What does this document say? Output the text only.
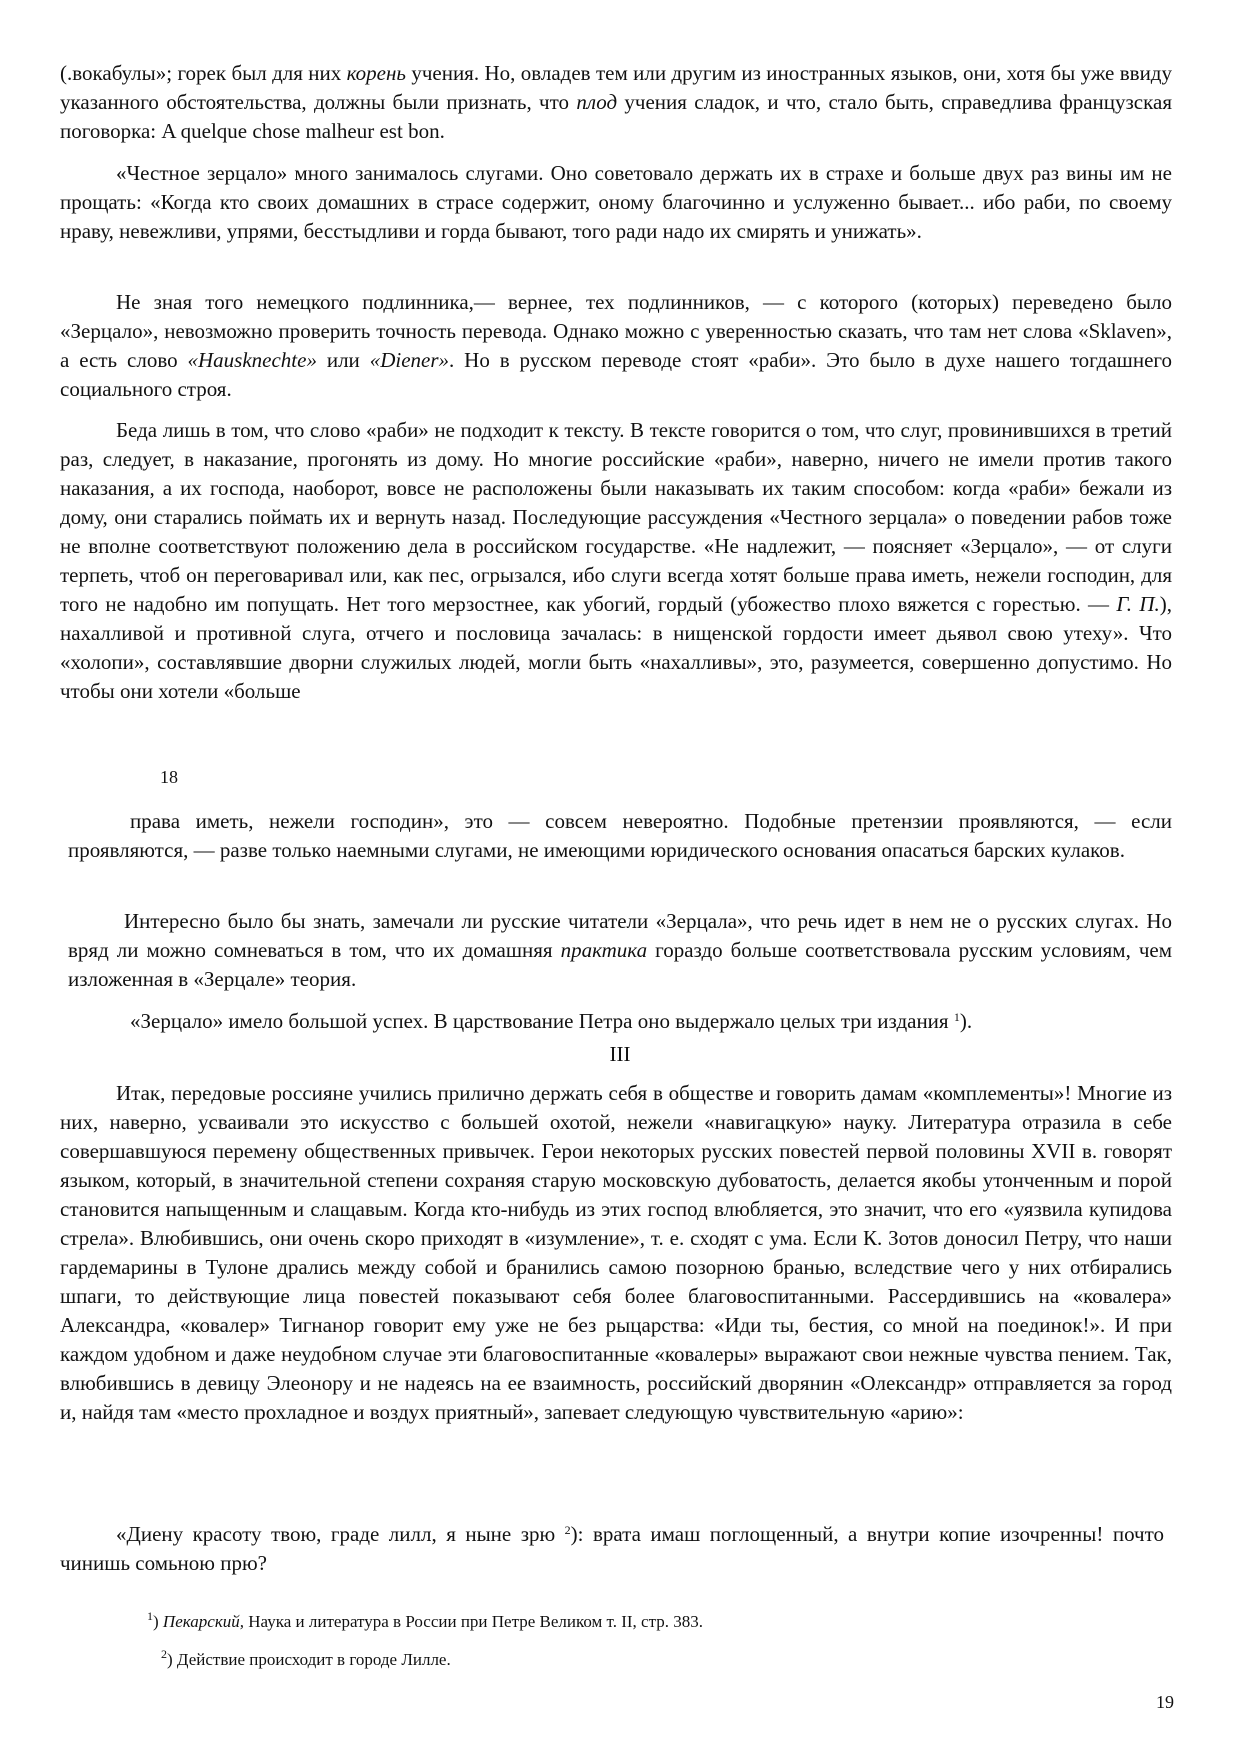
(.вокабулы»; горек был для них корень учения. Но, овладев тем или другим из иностранных языков, они, хотя бы уже ввиду указанного обстоятельства, должны были признать, что плод учения сладок, и что, стало быть, справедлива французская поговорка: A quelque chose malheur est bon.

«Честное зерцало» много занималось слугами. Оно советовало держать их в страхе и больше двух раз вины им не прощать: «Когда кто своих домашних в страсе содержит, оному благочинно и услуженно бывает... ибо раби, по своему нраву, невежливи, упрями, бесстыдливи и горда бывают, того ради надо их смирять и унижать».

Не зная того немецкого подлинника,— вернее, тех подлинников, — с которого (которых) переведено было «Зерцало», невозможно проверить точность перевода. Однако можно с уверенностью сказать, что там нет слова «Sklaven», а есть слово «Hausknechte» или «Diener». Но в русском переводе стоят «раби». Это было в духе нашего тогдашнего социального строя.

Беда лишь в том, что слово «раби» не подходит к тексту. В тексте говорится о том, что слуг, провинившихся в третий раз, следует, в наказание, прогонять из дому. Но многие российские «раби», наверно, ничего не имели против такого наказания, а их господа, наоборот, вовсе не расположены были наказывать их таким способом: когда «раби» бежали из дому, они старались поймать их и вернуть назад. Последующие рассуждения «Честного зерцала» о поведении рабов тоже не вполне соответствуют положению дела в российском государстве. «Не надлежит, — поясняет «Зерцало», — от слуги терпеть, чтоб он переговаривал или, как пес, огрызался, ибо слуги всегда хотят больше права иметь, нежели господин, для того не надобно им попущать. Нет того мерзостнее, как убогий, гордый (убожество плохо вяжется с горестью. — Г. П.), нахалливой и противной слуга, отчего и пословица зачалась: в нищенской гордости имеет дьявол свою утеху». Что «холопи», составлявшие дворни служилых людей, могли быть «нахалливы», это, разумеется, совершенно допустимо. Но чтобы они хотели «больше

18

права иметь, нежели господин», это — совсем невероятно. Подобные претензии проявляются, — если проявляются, — разве только наемными слугами, не имеющими юридического основания опасаться барских кулаков.

Интересно было бы знать, замечали ли русские читатели «Зерцала», что речь идет в нем не о русских слугах. Но вряд ли можно сомневаться в том, что их домашняя практика гораздо больше соответствовала русским условиям, чем изложенная в «Зерцале» теория.

«Зерцало» имело большой успех. В царствование Петра оно выдержало целых три издания $^1$).

III

Итак, передовые россияне учились прилично держать себя в обществе и говорить дамам «комплементы»! Многие из них, наверно, усваивали это искусство с большей охотой, нежели «навигацкую» науку. Литература отразила в себе совершавшуюся перемену общественных привычек. Герои некоторых русских повестей первой половины XVII в. говорят языком, который, в значительной степени сохраняя старую московскую дубоватость, делается якобы утонченным и порой становится напыщенным и слащавым. Когда кто-нибудь из этих господ влюбляется, это значит, что его «уязвила купидова стрела». Влюбившись, они очень скоро приходят в «изумление», т. е. сходят с ума. Если К. Зотов доносил Петру, что наши гардемарины в Тулоне дрались между собой и бранились самою позорною бранью, вследствие чего у них отбирались шпаги, то действующие лица повестей показывают себя более благовоспитанными. Рассердившись на «ковалера» Александра, «ковалер» Тигнанор говорит ему уже не без рыцарства: «Иди ты, бестия, со мной на поединок!». И при каждом удобном и даже неудобном случае эти благовоспитанные «ковалеры» выражают свои нежные чувства пением. Так, влюбившись в девицу Элеонору и не надеясь на ее взаимность, российский дворянин «Олександр» отправляется за город и, найдя там «место прохладное и воздух приятный», запевает следующую чувствительную «арию»:

«Диену красоту твою, граде лилл, я ныне зрю $^2$): врата имаш поглощенный, а внутри копие изочренны! почто чинишь сомьною прю?

$^1$) Пекарский, Наука и литература в России при Петре Великом т. II, стр. 383.
$^2$) Действие происходит в городе Лилле.
19
